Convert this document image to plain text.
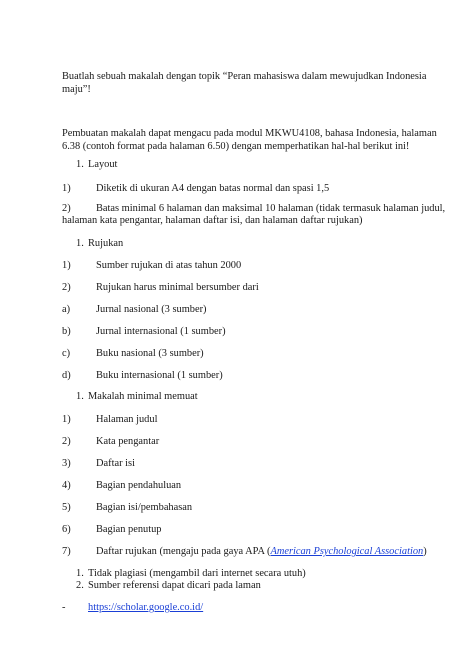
Buatlah sebuah makalah dengan topik “Peran mahasiswa dalam mewujudkan Indonesia
maju”!
Pembuatan makalah dapat mengacu pada modul MKWU4108, bahasa Indonesia, halaman
6.38 (contoh format pada halaman 6.50) dengan memperhatikan hal-hal berikut ini!
1. Layout
1) Diketik di ukuran A4 dengan batas normal dan spasi 1,5
2) Batas minimal 6 halaman dan maksimal 10 halaman (tidak termasuk halaman judul,
halaman kata pengantar, halaman daftar isi, dan halaman daftar rujukan)
1. Rujukan
1) Sumber rujukan di atas tahun 2000
2) Rujukan harus minimal bersumber dari
a) Jurnal nasional (3 sumber)
b) Jurnal internasional (1 sumber)
c) Buku nasional (3 sumber)
d) Buku internasional (1 sumber)
1. Makalah minimal memuat
1) Halaman judul
2) Kata pengantar
3) Daftar isi
4) Bagian pendahuluan
5) Bagian isi/pembahasan
6) Bagian penutup
7) Daftar rujukan (mengaju pada gaya APA (American Psychological Association)
1. Tidak plagiasi (mengambil dari internet secara utuh)
2. Sumber referensi dapat dicari pada laman
- https://scholar.google.co.id/
